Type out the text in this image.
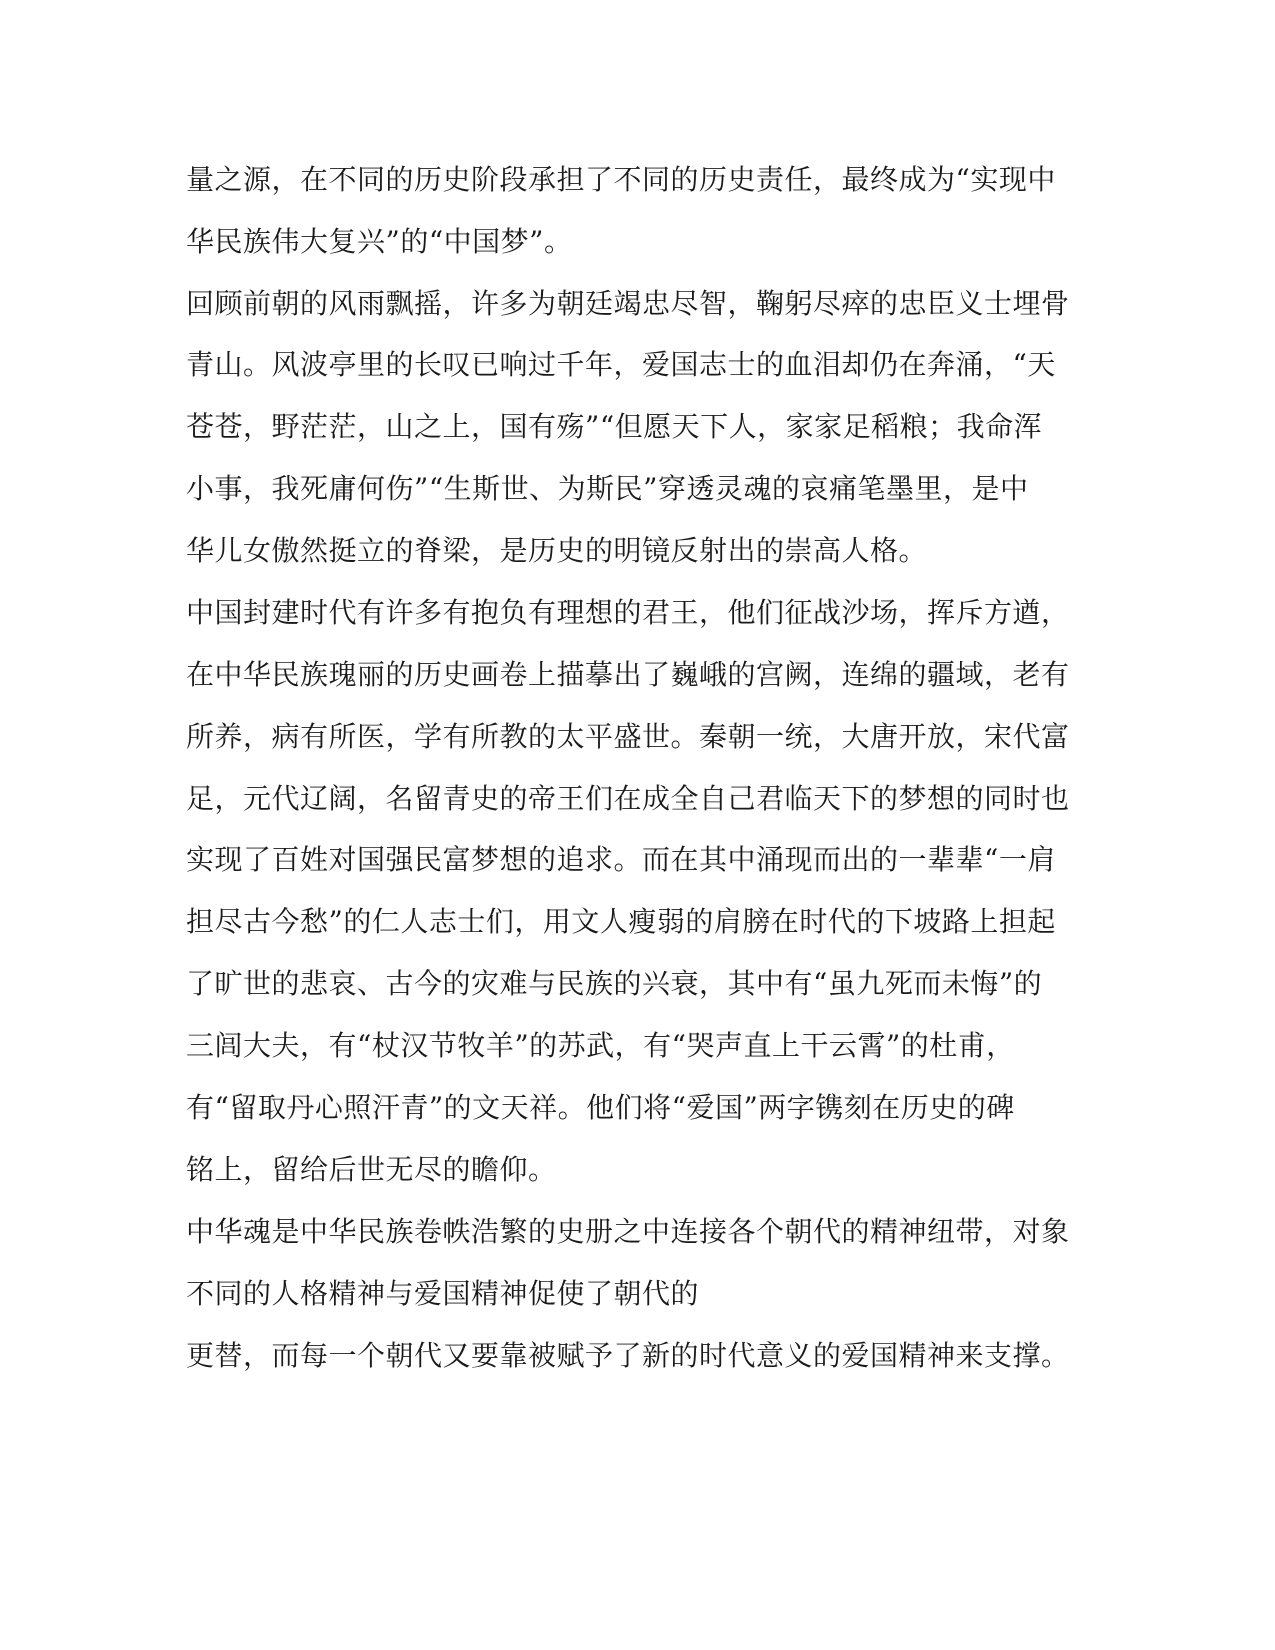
量之源，在不同的历史阶段承担了不同的历史责任，最终成为“实现中
华民族伟大复兴”的“中国梦”。
回顾前朝的风雨飘摇，许多为朝廷竭忠尽智，鞠躬尽瘁的忠臣义士埋骨
青山。风波亭里的长叹已响过千年，爱国志士的血泪却仍在奔涌，“天
苍苍，野茫茫，山之上，国有殇”“但愿天下人，家家足稻粮；我命浑
小事，我死庸何伤”“生斯世、为斯民”穿透灵魂的哀痛笔墨里，是中
华儿女傲然挺立的脊梁，是历史的明镜反射出的崇高人格。
中国封建时代有许多有抱负有理想的君王，他们征战沙场，挥斥方遒，
在中华民族瑰丽的历史画卷上描摹出了巍峨的宫阙，连绵的疆域，老有
所养，病有所医，学有所教的太平盛世。秦朝一统，大唐开放，宋代富
足，元代辽阔，名留青史的帝王们在成全自己君临天下的梦想的同时也
实现了百姓对国强民富梦想的追求。而在其中涌现而出的一辈辈“一肩
担尽古今愁”的仁人志士们，用文人瘦弱的肩膀在时代的下坡路上担起
了旷世的悲哀、古今的灾难与民族的兴衰，其中有“虽九死而未悔”的
三闾大夫，有“杖汉节牧羊”的苏武，有“哭声直上干云霄”的杜甫，
有“留取丹心照汗青”的文天祥。他们将“爱国”两字镌刻在历史的碑
铭上，留给后世无尽的瞻仰。
中华魂是中华民族卷帙浩繁的史册之中连接各个朝代的精神纽带，对象
不同的人格精神与爱国精神促使了朝代的
更替，而每一个朝代又要靠被赋予了新的时代意义的爱国精神来支撑。
